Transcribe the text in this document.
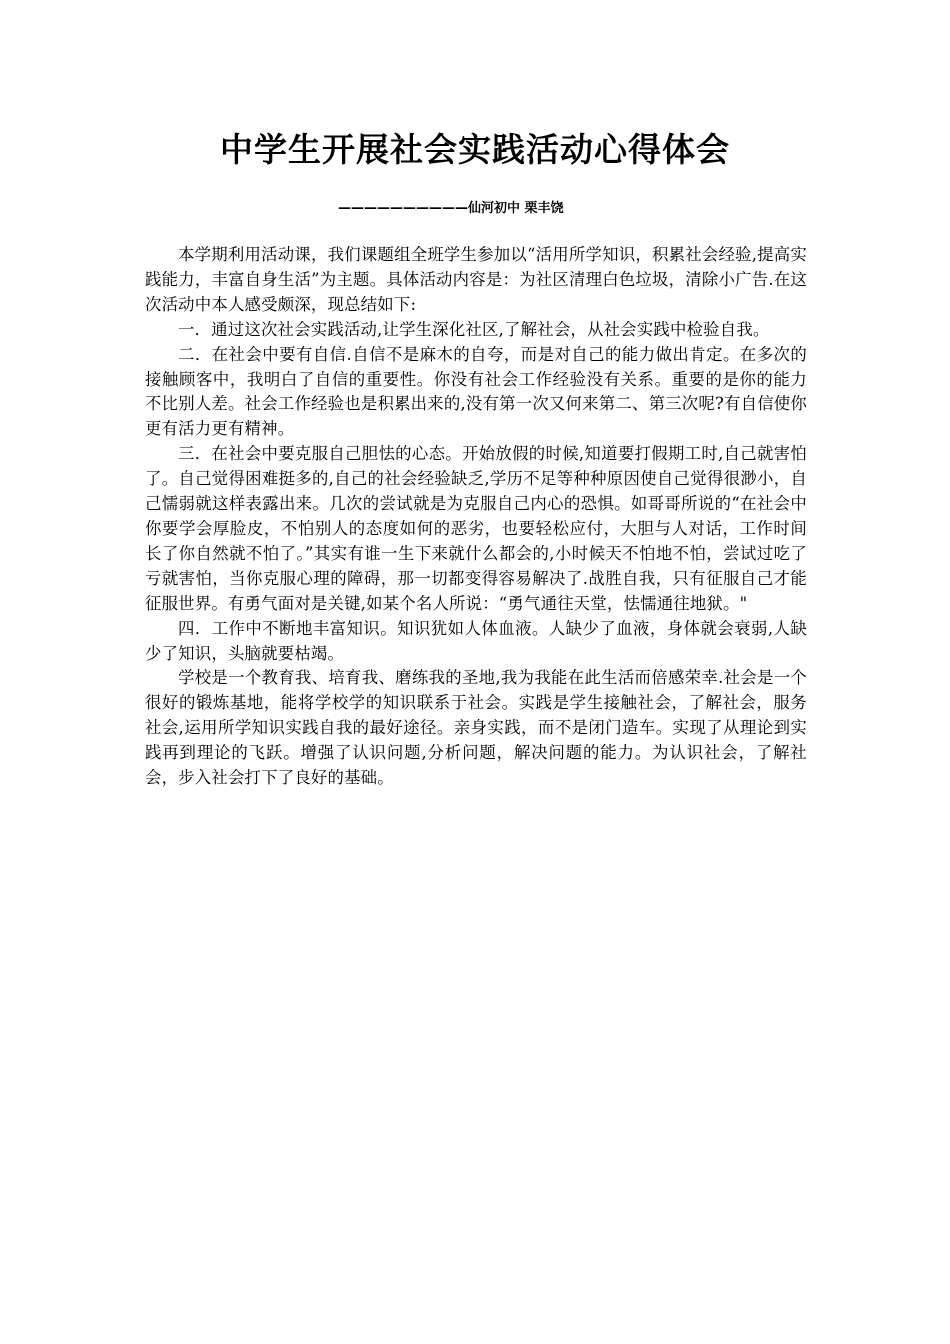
中学生开展社会实践活动心得体会
——————————仙河初中 栗丰饶

本学期利用活动课，我们课题组全班学生参加以“活用所学知识，积累社会经验,提高实践能力，丰富自身生活”为主题。具体活动内容是：为社区清理白色垃圾，清除小广告.在这次活动中本人感受颇深，现总结如下:

一．通过这次社会实践活动,让学生深化社区,了解社会，从社会实践中检验自我。

二．在社会中要有自信.自信不是麻木的自夸，而是对自己的能力做出肯定。在多次的接触顾客中，我明白了自信的重要性。你没有社会工作经验没有关系。重要的是你的能力不比别人差。社会工作经验也是积累出来的,没有第一次又何来第二、第三次呢?有自信使你更有活力更有精神。

三．在社会中要克服自己胆怯的心态。开始放假的时候,知道要打假期工时,自己就害怕了。自己觉得困难挺多的,自己的社会经验缺乏,学历不足等种种原因使自己觉得很渺小，自己懦弱就这样表露出来。几次的尝试就是为克服自己内心的恐惧。如哥哥所说的“在社会中你要学会厚脸皮，不怕别人的态度如何的恶劣，也要轻松应付，大胆与人对话，工作时间长了你自然就不怕了。”其实有谁一生下来就什么都会的,小时候天不怕地不怕，尝试过吃了亏就害怕，当你克服心理的障碍，那一切都变得容易解决了.战胜自我，只有征服自己才能征服世界。有勇气面对是关键,如某个名人所说：“勇气通往天堂，怯懦通往地狱。"

四．工作中不断地丰富知识。知识犹如人体血液。人缺少了血液，身体就会衰弱,人缺少了知识，头脑就要枯竭。

学校是一个教育我、培育我、磨练我的圣地,我为我能在此生活而倍感荣幸.社会是一个很好的锻炼基地，能将学校学的知识联系于社会。实践是学生接触社会，了解社会，服务社会,运用所学知识实践自我的最好途径。亲身实践，而不是闭门造车。实现了从理论到实践再到理论的飞跃。增强了认识问题,分析问题，解决问题的能力。为认识社会，了解社会，步入社会打下了良好的基础。
